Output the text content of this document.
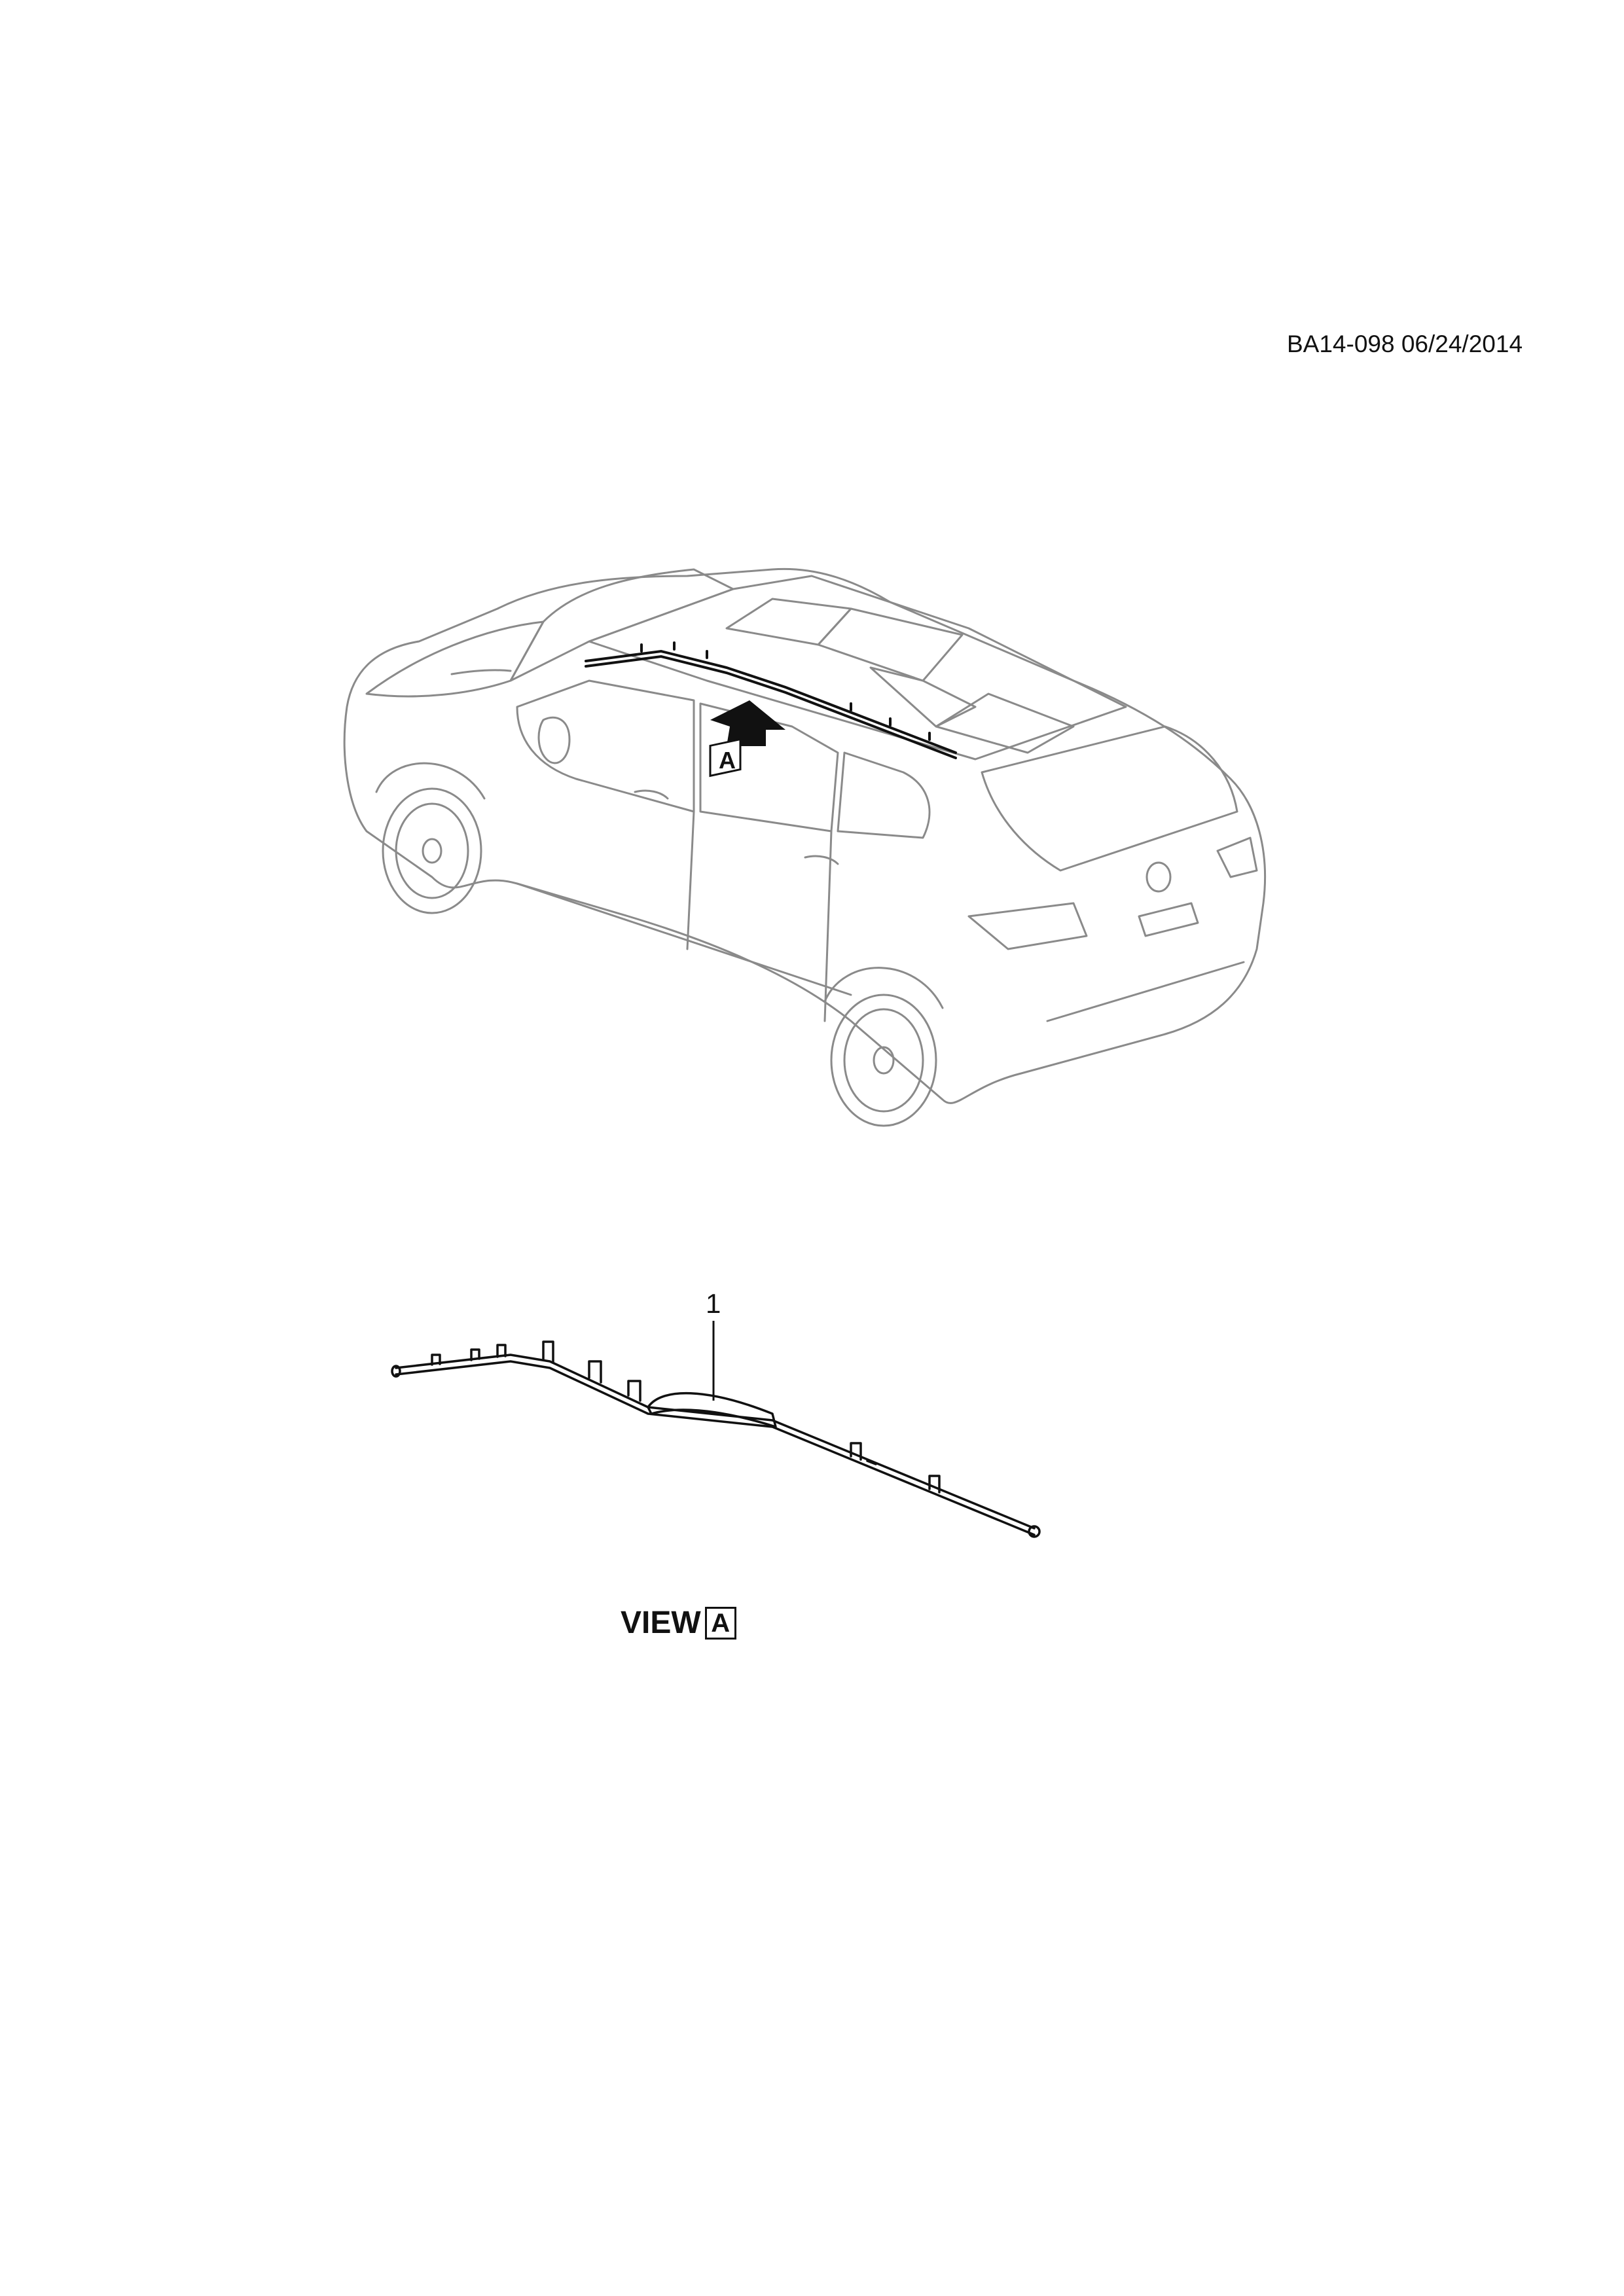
BA14-098 06/24/2014
1
VIEW A
A
